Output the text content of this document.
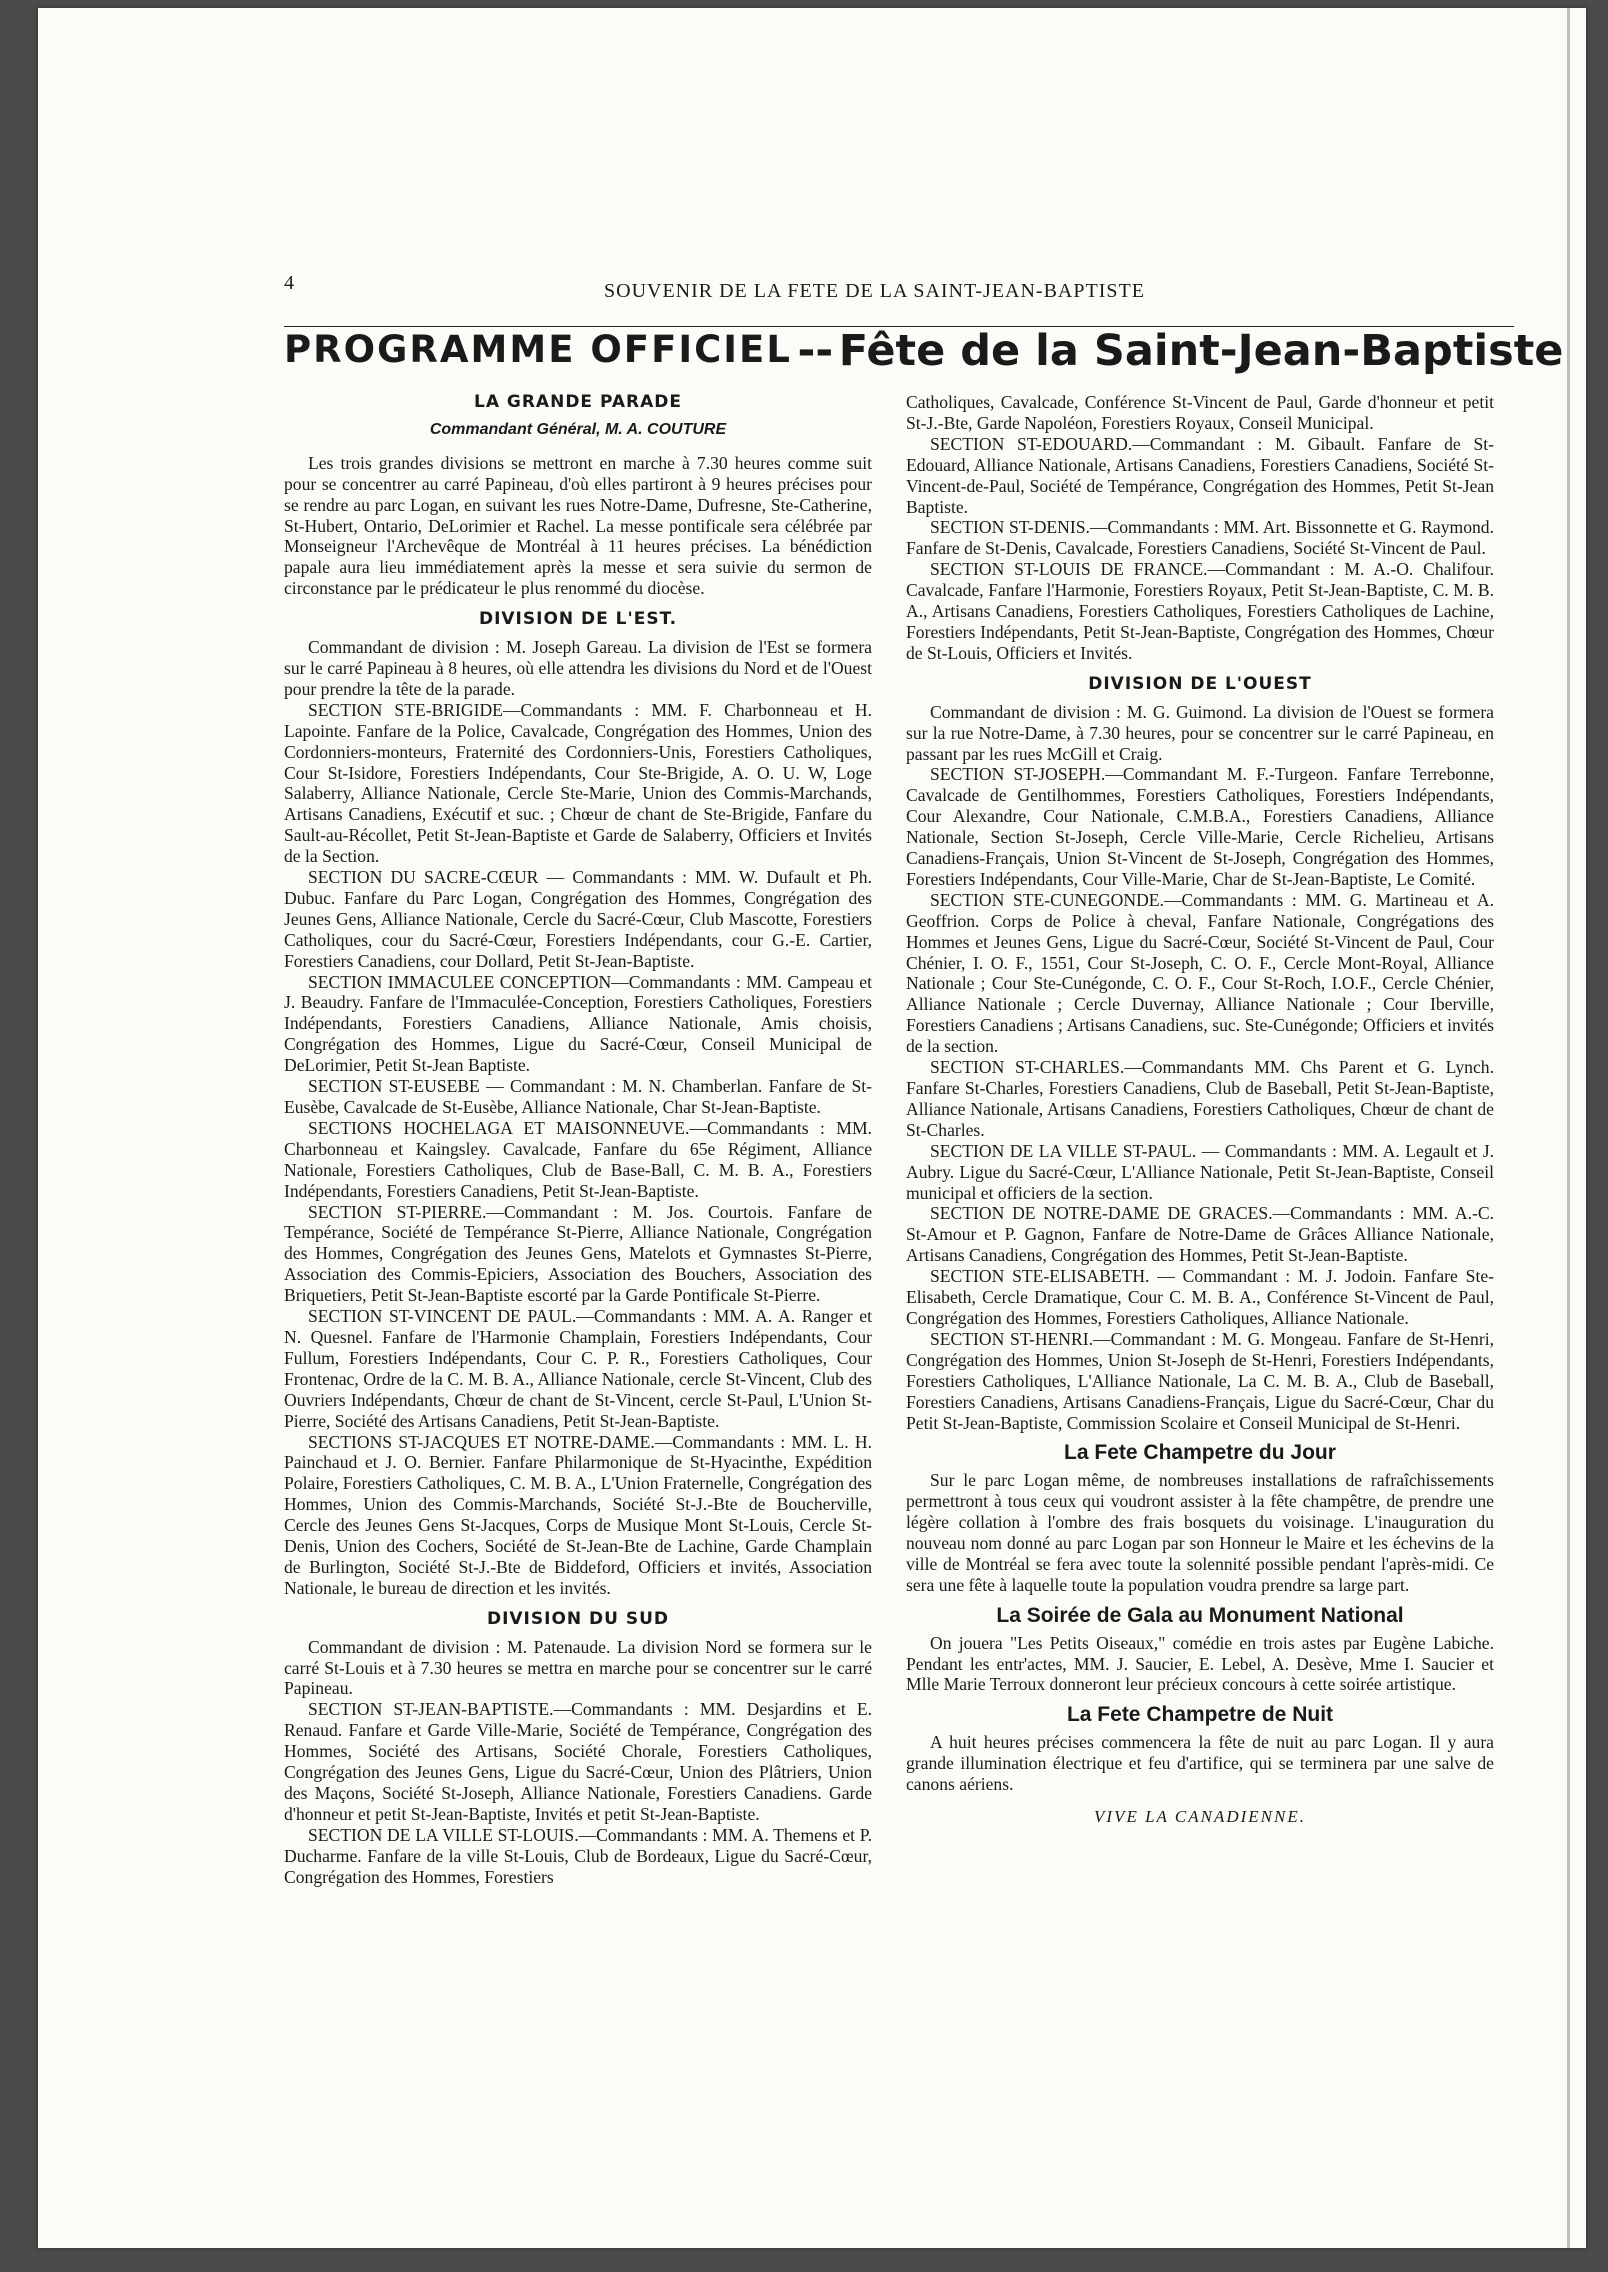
4	SOUVENIR DE LA FETE DE LA SAINT-JEAN-BAPTISTE
PROGRAMME OFFICIEL -- Fête de la Saint-Jean-Baptiste
LA GRANDE PARADE
Commandant Général, M. A. COUTURE

Les trois grandes divisions se mettront en marche à 7.30 heures comme suit pour se concentrer au carré Papineau, d'où elles partiront à 9 heures précises pour se rendre au parc Logan, en suivant les rues Notre-Dame, Dufresne, Ste-Catherine, St-Hubert, Ontario, DeLorimier et Rachel. La messe pontificale sera célébrée par Monseigneur l'Archevêque de Montréal à 11 heures précises. La bénédiction papale aura lieu immédiatement après la messe et sera suivie du sermon de circonstance par le prédicateur le plus renommé du diocèse.

DIVISION DE L'EST.

Commandant de division : M. Joseph Gareau. La division de l'Est se formera sur le carré Papineau à 8 heures, où elle attendra les divisions du Nord et de l'Ouest pour prendre la tête de la parade.

SECTION STE-BRIGIDE—Commandants : MM. F. Charbonneau et H. Lapointe. Fanfare de la Police, Cavalcade, Congrégation des Hommes, Union des Cordonniers-monteurs, Fraternité des Cordonniers-Unis, Forestiers Catholiques, Cour St-Isidore, Forestiers Indépendants, Cour Ste-Brigide, A. O. U. W, Loge Salaberry, Alliance Nationale, Cercle Ste-Marie, Union des Commis-Marchands, Artisans Canadiens, Exécutif et suc. ; Chœur de chant de Ste-Brigide, Fanfare du Sault-au-Récollet, Petit St-Jean-Baptiste et Garde de Salaberry, Officiers et Invités de la Section.

SECTION DU SACRE-CŒUR — Commandants : MM. W. Dufault et Ph. Dubuc. Fanfare du Parc Logan, Congrégation des Hommes, Congrégation des Jeunes Gens, Alliance Nationale, Cercle du Sacré-Cœur, Club Mascotte, Forestiers Catholiques, cour du Sacré-Cœur, Forestiers Indépendants, cour G.-E. Cartier, Forestiers Canadiens, cour Dollard, Petit St-Jean-Baptiste.

SECTION IMMACULEE CONCEPTION—Commandants : MM. Campeau et J. Beaudry. Fanfare de l'Immaculée-Conception, Forestiers Catholiques, Forestiers Indépendants, Forestiers Canadiens, Alliance Nationale, Amis choisis, Congrégation des Hommes, Ligue du Sacré-Cœur, Conseil Municipal de DeLorimier, Petit St-Jean Baptiste.

SECTION ST-EUSEBE — Commandant : M. N. Chamberlan. Fanfare de St-Eusèbe, Cavalcade de St-Eusèbe, Alliance Nationale, Char St-Jean-Baptiste.

SECTIONS HOCHELAGA ET MAISONNEUVE.—Commandants : MM. Charbonneau et Kaingsley. Cavalcade, Fanfare du 65e Régiment, Alliance Nationale, Forestiers Catholiques, Club de Base-Ball, C. M. B. A., Forestiers Indépendants, Forestiers Canadiens, Petit St-Jean-Baptiste.

SECTION ST-PIERRE.—Commandant : M. Jos. Courtois. Fanfare de Tempérance, Société de Tempérance St-Pierre, Alliance Nationale, Congrégation des Hommes, Congrégation des Jeunes Gens, Matelots et Gymnastes St-Pierre, Association des Commis-Epiciers, Association des Bouchers, Association des Briquetiers, Petit St-Jean-Baptiste escorté par la Garde Pontificale St-Pierre.

SECTION ST-VINCENT DE PAUL.—Commandants : MM. A. A. Ranger et N. Quesnel. Fanfare de l'Harmonie Champlain, Forestiers Indépendants, Cour Fullum, Forestiers Indépendants, Cour C. P. R., Forestiers Catholiques, Cour Frontenac, Ordre de la C. M. B. A., Alliance Nationale, cercle St-Vincent, Club des Ouvriers Indépendants, Chœur de chant de St-Vincent, cercle St-Paul, L'Union St-Pierre, Société des Artisans Canadiens, Petit St-Jean-Baptiste.

SECTIONS ST-JACQUES ET NOTRE-DAME.—Commandants : MM. L. H. Painchaud et J. O. Bernier. Fanfare Philarmonique de St-Hyacinthe, Expédition Polaire, Forestiers Catholiques, C. M. B. A., L'Union Fraternelle, Congrégation des Hommes, Union des Commis-Marchands, Société St-J.-Bte de Boucherville, Cercle des Jeunes Gens St-Jacques, Corps de Musique Mont St-Louis, Cercle St-Denis, Union des Cochers, Société de St-Jean-Bte de Lachine, Garde Champlain de Burlington, Société St-J.-Bte de Biddeford, Officiers et invités, Association Nationale, le bureau de direction et les invités.

DIVISION DU SUD

Commandant de division : M. Patenaude. La division Nord se formera sur le carré St-Louis et à 7.30 heures se mettra en marche pour se concentrer sur le carré Papineau.

SECTION ST-JEAN-BAPTISTE.—Commandants : MM. Desjardins et E. Renaud. Fanfare et Garde Ville-Marie, Société de Tempérance, Congrégation des Hommes, Société des Artisans, Société Chorale, Forestiers Catholiques, Congrégation des Jeunes Gens, Ligue du Sacré-Cœur, Union des Plâtriers, Union des Maçons, Société St-Joseph, Alliance Nationale, Forestiers Canadiens. Garde d'honneur et petit St-Jean-Baptiste, Invités et petit St-Jean-Baptiste.

SECTION DE LA VILLE ST-LOUIS.—Commandants : MM. A. Themens et P. Ducharme. Fanfare de la ville St-Louis, Club de Bordeaux, Ligue du Sacré-Cœur, Congrégation des Hommes, Forestiers

Catholiques, Cavalcade, Conférence St-Vincent de Paul, Garde d'honneur et petit St-J.-Bte, Garde Napoléon, Forestiers Royaux, Conseil Municipal.

SECTION ST-EDOUARD.—Commandant : M. Gibault. Fanfare de St-Edouard, Alliance Nationale, Artisans Canadiens, Forestiers Canadiens, Société St-Vincent-de-Paul, Société de Tempérance, Congrégation des Hommes, Petit St-Jean Baptiste.

SECTION ST-DENIS.—Commandants : MM. Art. Bissonnette et G. Raymond. Fanfare de St-Denis, Cavalcade, Forestiers Canadiens, Société St-Vincent de Paul.

SECTION ST-LOUIS DE FRANCE.—Commandant : M. A.-O. Chalifour. Cavalcade, Fanfare l'Harmonie, Forestiers Royaux, Petit St-Jean-Baptiste, C. M. B. A., Artisans Canadiens, Forestiers Catholiques, Forestiers Catholiques de Lachine, Forestiers Indépendants, Petit St-Jean-Baptiste, Congrégation des Hommes, Chœur de St-Louis, Officiers et Invités.

DIVISION DE L'OUEST

Commandant de division : M. G. Guimond. La division de l'Ouest se formera sur la rue Notre-Dame, à 7.30 heures, pour se concentrer sur le carré Papineau, en passant par les rues McGill et Craig.

SECTION ST-JOSEPH.—Commandant M. F.-Turgeon. Fanfare Terrebonne, Cavalcade de Gentilhommes, Forestiers Catholiques, Forestiers Indépendants, Cour Alexandre, Cour Nationale, C.M.B.A., Forestiers Canadiens, Alliance Nationale, Section St-Joseph, Cercle Ville-Marie, Cercle Richelieu, Artisans Canadiens-Français, Union St-Vincent de St-Joseph, Congrégation des Hommes, Forestiers Indépendants, Cour Ville-Marie, Char de St-Jean-Baptiste, Le Comité.

SECTION STE-CUNEGONDE.—Commandants : MM. G. Martineau et A. Geoffrion. Corps de Police à cheval, Fanfare Nationale, Congrégations des Hommes et Jeunes Gens, Ligue du Sacré-Cœur, Société St-Vincent de Paul, Cour Chénier, I. O. F., 1551, Cour St-Joseph, C. O. F., Cercle Mont-Royal, Alliance Nationale ; Cour Ste-Cunégonde, C. O. F., Cour St-Roch, I.O.F., Cercle Chénier, Alliance Nationale ; Cercle Duvernay, Alliance Nationale ; Cour Iberville, Forestiers Canadiens ; Artisans Canadiens, suc. Ste-Cunégonde; Officiers et invités de la section.

SECTION ST-CHARLES.—Commandants MM. Chs Parent et G. Lynch. Fanfare St-Charles, Forestiers Canadiens, Club de Baseball, Petit St-Jean-Baptiste, Alliance Nationale, Artisans Canadiens, Forestiers Catholiques, Chœur de chant de St-Charles.

SECTION DE LA VILLE ST-PAUL. — Commandants : MM. A. Legault et J. Aubry. Ligue du Sacré-Cœur, L'Alliance Nationale, Petit St-Jean-Baptiste, Conseil municipal et officiers de la section.

SECTION DE NOTRE-DAME DE GRACES.—Commandants : MM. A.-C. St-Amour et P. Gagnon, Fanfare de Notre-Dame de Grâces Alliance Nationale, Artisans Canadiens, Congrégation des Hommes, Petit St-Jean-Baptiste.

SECTION STE-ELISABETH. — Commandant : M. J. Jodoin. Fanfare Ste-Elisabeth, Cercle Dramatique, Cour C. M. B. A., Conférence St-Vincent de Paul, Congrégation des Hommes, Forestiers Catholiques, Alliance Nationale.

SECTION ST-HENRI.—Commandant : M. G. Mongeau. Fanfare de St-Henri, Congrégation des Hommes, Union St-Joseph de St-Henri, Forestiers Indépendants, Forestiers Catholiques, L'Alliance Nationale, La C. M. B. A., Club de Baseball, Forestiers Canadiens, Artisans Canadiens-Français, Ligue du Sacré-Cœur, Char du Petit St-Jean-Baptiste, Commission Scolaire et Conseil Municipal de St-Henri.

La Fete Champetre du Jour

Sur le parc Logan même, de nombreuses installations de rafraîchissements permettront à tous ceux qui voudront assister à la fête champêtre, de prendre une légère collation à l'ombre des frais bosquets du voisinage. L'inauguration du nouveau nom donné au parc Logan par son Honneur le Maire et les échevins de la ville de Montréal se fera avec toute la solennité possible pendant l'après-midi. Ce sera une fête à laquelle toute la population voudra prendre sa large part.

La Soirée de Gala au Monument National

On jouera "Les Petits Oiseaux," comédie en trois astes par Eugène Labiche. Pendant les entr'actes, MM. J. Saucier, E. Lebel, A. Desève, Mme I. Saucier et Mlle Marie Terroux donneront leur précieux concours à cette soirée artistique.

La Fete Champetre de Nuit

A huit heures précises commencera la fête de nuit au parc Logan. Il y aura grande illumination électrique et feu d'artifice, qui se terminera par une salve de canons aériens.

VIVE LA CANADIENNE.
